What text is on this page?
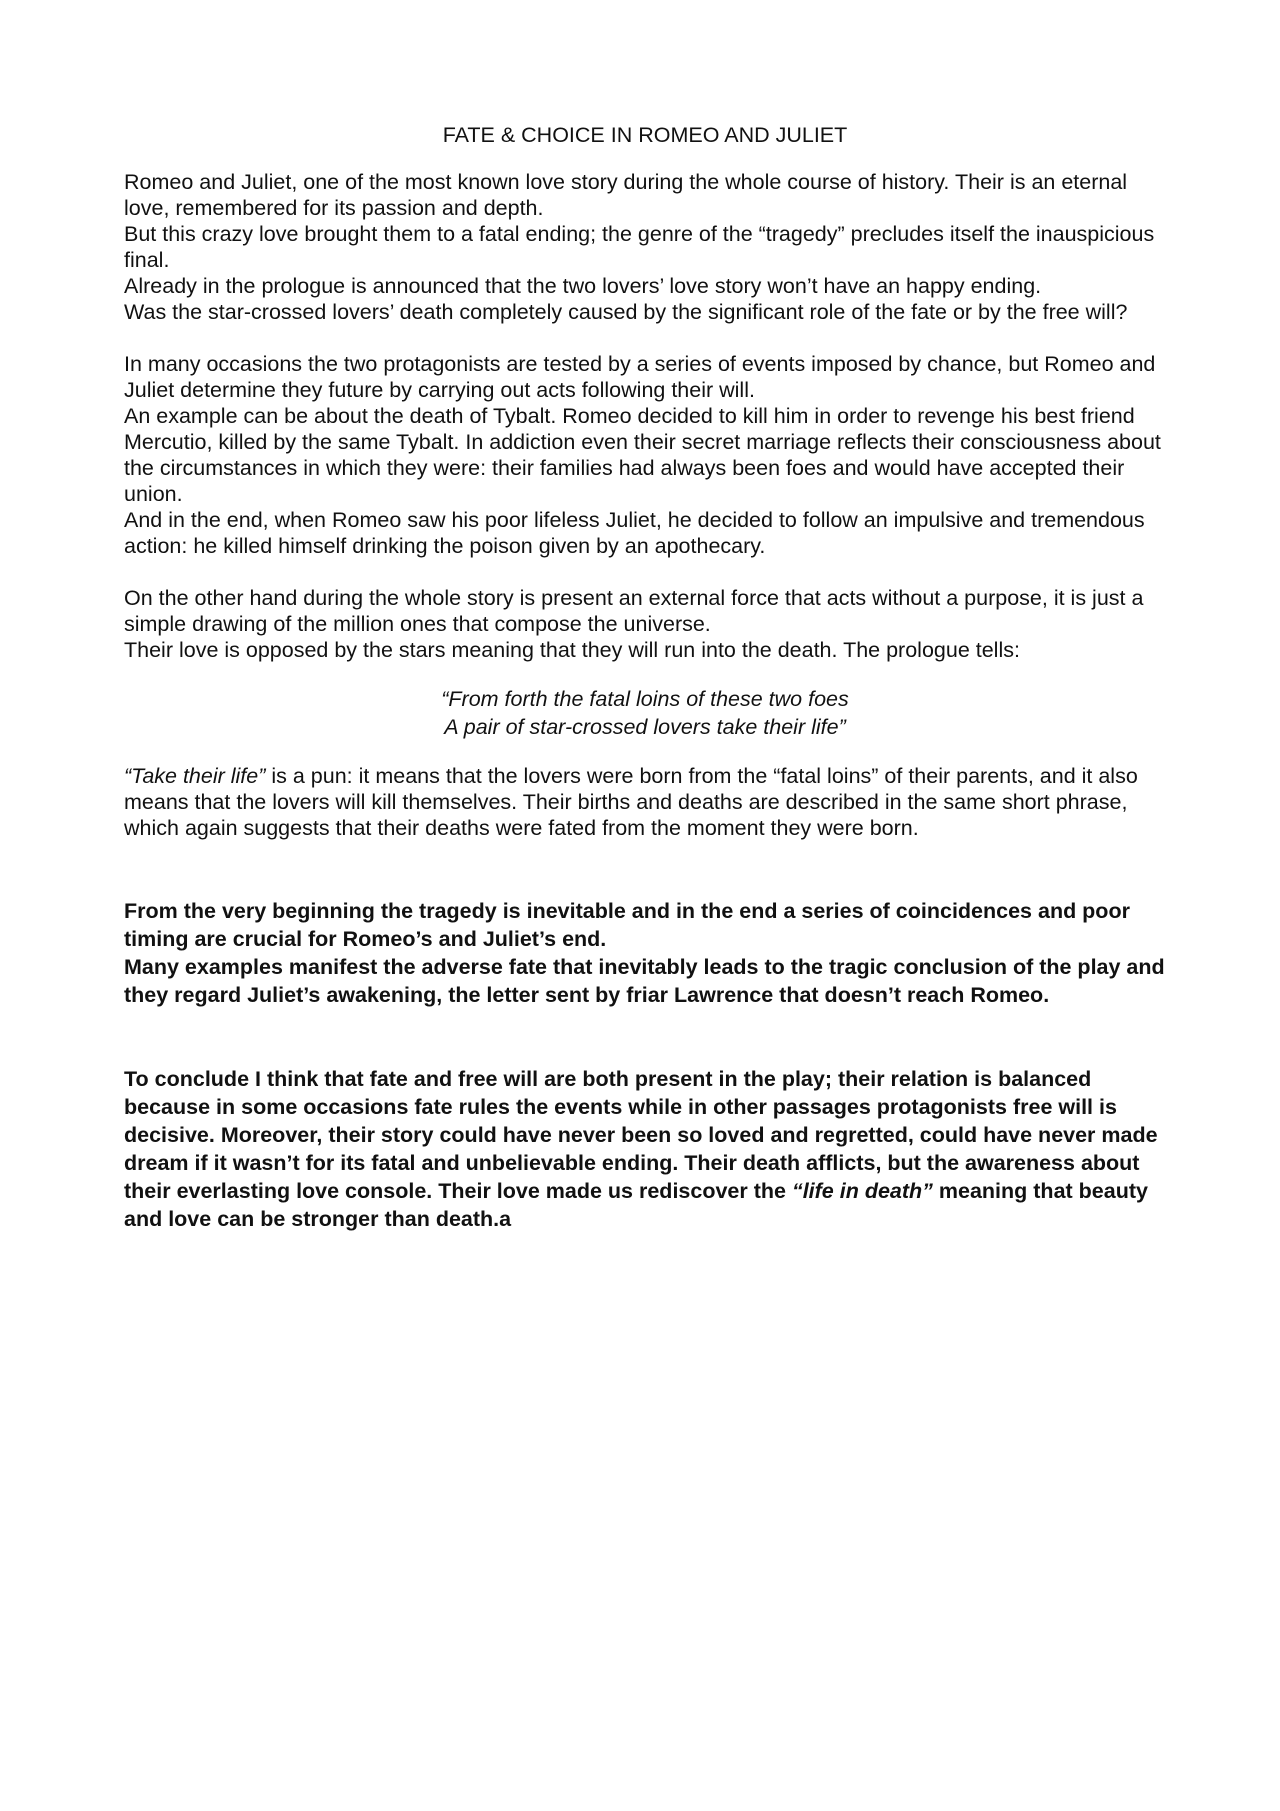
FATE & CHOICE IN ROMEO AND JULIET

Romeo and Juliet, one of the most known love story during the whole course of history. Their is an eternal love, remembered for its passion and depth.

But this crazy love brought them to a fatal ending; the genre of the “tragedy” precludes itself the inauspicious final.

Already in the prologue is announced that the two lovers’ love story won’t have an happy ending.

Was the star-crossed lovers’ death completely caused by the significant role of the fate or by the free will?

In many occasions the two protagonists are tested by a series of events imposed by chance, but Romeo and Juliet determine they future by carrying out acts following their will.

An example can be about the death of Tybalt. Romeo decided to kill him in order to revenge his best friend Mercutio, killed by the same Tybalt. In addiction even their secret marriage reflects their consciousness about the circumstances in which they were: their families had always been foes and would have accepted their union.

And in the end, when Romeo saw his poor lifeless Juliet, he decided to follow an impulsive and tremendous action: he killed himself drinking the poison given by an apothecary.

On the other hand during the whole story is present an external force that acts without a purpose, it is just a simple drawing of the million ones that compose the universe.

Their love is opposed by the stars meaning that they will run into the death. The prologue tells:

“From forth the fatal loins of these two foes

A pair of star-crossed lovers take their life”

“Take their life” is a pun: it means that the lovers were born from the “fatal loins” of their parents, and it also means that the lovers will kill themselves. Their births and deaths are described in the same short phrase, which again suggests that their deaths were fated from the moment they were born.

From the very beginning the tragedy is inevitable and in the end a series of coincidences and poor timing are crucial for Romeo’s and Juliet’s end.

Many examples manifest the adverse fate that inevitably leads to the tragic conclusion of the play and they regard Juliet’s awakening, the letter sent by friar Lawrence that doesn’t reach Romeo.

To conclude I think that fate and free will are both present in the play; their relation is balanced because in some occasions fate rules the events while in other passages protagonists free will is decisive. Moreover, their story could have never been so loved and regretted, could have never made dream if it wasn’t for its fatal and unbelievable ending. Their death afflicts, but the awareness about their everlasting love console. Their love made us rediscover the “life in death” meaning that beauty and love can be stronger than death.a
